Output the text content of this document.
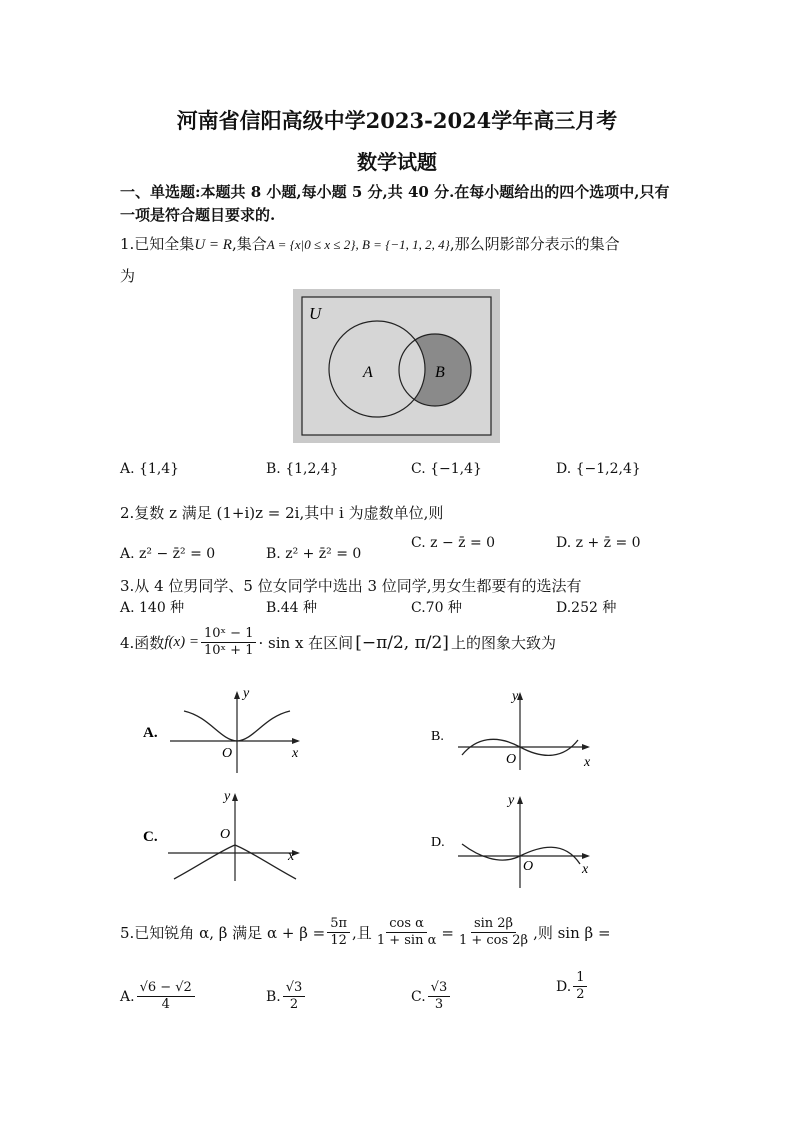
河南省信阳高级中学2023-2024学年高三月考
数学试题
一、单选题:本题共 8 小题,每小题 5 分,共 40 分.在每小题给出的四个选项中,只有
一项是符合题目要求的.
1.已知全集U = R,集合A = {x|0 ≤ x ≤ 2}, B = {−1, 1, 2, 4},那么阴影部分表示的集合
为
U
A	B
A. {1,4}	B. {1,2,4}	C. {−1,4}	D. {−1,2,4}
2.复数 z 满足 (1+i)z = 2i,其中 i 为虚数单位,则
A. z² − z̄² = 0	B. z² + z̄² = 0
C. z − z̄ = 0	D. z + z̄ = 0
3.从 4 位男同学、5 位女同学中选出 3 位同学,男女生都要有的选法有
A. 140 种	B.44 种	C.70 种	D.252 种
4.函数 $f(x) = \frac{\text{10ˣ − 1}}{\text{10ˣ + 1}} \cdot \sin x$ 在区间 [−π/2, π/2] 上的图象大致为
A.
y
x
O
B.
y
x
O
C.
y
x
O
D.
y
x
O
5.已知锐角 α, β 满足 $\alpha + \beta = \frac{5\pi}{12}$ ,且 $\frac{\text{cos α}}{\text{1 + sin α}} = \frac{\sin 2\beta}{1 + \cos 2\beta}$ ,则 sin β =
A. $\frac{√6 - √2}{4}$	B. $\frac{√3}{2}$	C. $\frac{√3}{3}$	D. $\frac{1}{2}$
